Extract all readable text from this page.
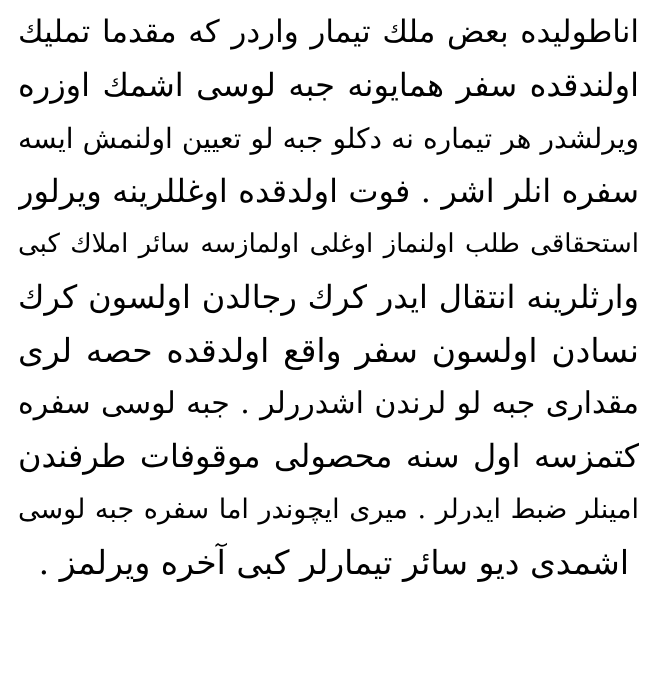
اناطولیده بعض ملك تیمار واردر كه مقدما تملیك
اولندقده سفر همایونه جبه لوسی اشمك اوزره
ویرلشدر هر تیماره نه دكلو جبه لو تعیین اولنمش ایسه
سفره انلر اشر . فوت اولدقده اوغللرینه ویرلور
استحقاقی طلب اولنماز اوغلی اولمازسه سائر املاك كبی
وارثلرینه انتقال ایدر كرك رجالدن اولسون كرك
نسادن اولسون سفر واقع اولدقده حصه لری
مقداری جبه لو لرندن اشدررلر . جبه لوسی سفره
كتمزسه اول سنه محصولی موقوفات طرفندن
امینلر ضبط ایدرلر . میری ایچوندر اما سفره جبه لوسی
اشمدی دیو سائر تیمارلر كبی آخره ویرلمز .
